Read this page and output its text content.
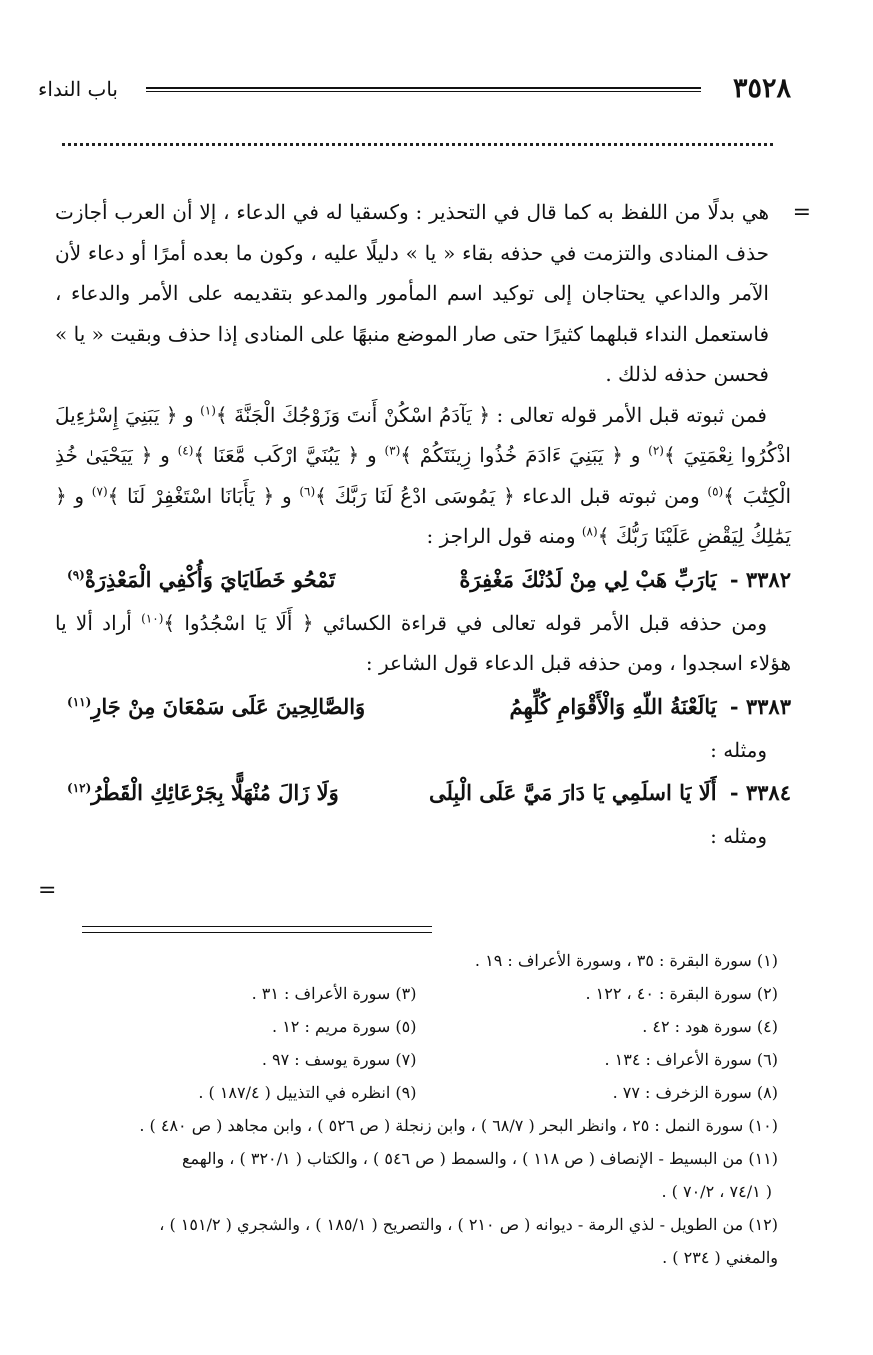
٣٥٢٨
باب النداء
=
=

هي بدلًا من اللفظ به كما قال في التحذير : وكسقيا له في الدعاء ، إلا أن العرب أجازت حذف المنادى والتزمت في حذفه بقاء « يا » دليلًا عليه ، وكون ما بعده أمرًا أو دعاء لأن الآمر والداعي يحتاجان إلى توكيد اسم المأمور والمدعو بتقديمه على الأمر والدعاء ، فاستعمل النداء قبلهما كثيرًا حتى صار الموضع منبهًا على المنادى إذا حذف وبقيت « يا » فحسن حذفه لذلك .

فمن ثبوته قبل الأمر قوله تعالى : ﴿ يَآدَمُ اسْكُنْ أَنتَ وَزَوْجُكَ الْجَنَّةَ ﴾$^{(١)}$ و ﴿ يَبَنِيَ إِسْرَٰءِيلَ اذْكُرُوا نِعْمَتِيَ ﴾$^{(٢)}$ و ﴿ يَبَنِيَ ءَادَمَ خُذُوا زِينَتَكُمْ ﴾$^{(٣)}$ و ﴿ يَبُنَيَّ ارْكَب مَّعَنَا ﴾$^{(٤)}$ و ﴿ يَيَحْيَىٰ خُذِ الْكِتَٰبَ ﴾$^{(٥)}$ ومن ثبوته قبل الدعاء ﴿ يَمُوسَى ادْعُ لَنَا رَبَّكَ ﴾$^{(٦)}$ و ﴿ يَأَبَانَا اسْتَغْفِرْ لَنَا ﴾$^{(٧)}$ و ﴿ يَمَٰلِكُ لِيَقْضِ عَلَيْنَا رَبُّكَ ﴾$^{(٨)}$ ومنه قول الراجز :

٣٣٨٢ - يَارَبِّ هَبْ لِي مِنْ لَدُنْكَ مَغْفِرَةْ
تَمْحُو خَطَايَايَ وَأُكْفِي الْمَعْذِرَةْ$^{(٩)}$

ومن حذفه قبل الأمر قوله تعالى في قراءة الكسائي ﴿ أَلَا يَا اسْجُدُوا ﴾$^{(١٠)}$ أراد ألا يا هؤلاء اسجدوا ، ومن حذفه قبل الدعاء قول الشاعر :

٣٣٨٣ - يَالَعْنَةُ اللّهِ وَالْأَقْوَامِ كُلِّهِمُ
وَالصَّالِحِينَ عَلَى سَمْعَانَ مِنْ جَارِ$^{(١١)}$

ومثله :

٣٣٨٤ - أَلَا يَا اسلَمِي يَا دَارَ مَيَّ عَلَى الْبِلَى
وَلَا زَالَ مُنْهَلًّا بِجَرْعَائِكِ الْقَطْرُ$^{(١٢)}$

ومثله :

(١) سورة البقرة : ٣٥ ، وسورة الأعراف : ١٩ .
(٢) سورة البقرة : ٤٠ ، ١٢٢ .
(٣) سورة الأعراف : ٣١ .
(٤) سورة هود : ٤٢ .
(٥) سورة مريم : ١٢ .
(٦) سورة الأعراف : ١٣٤ .
(٧) سورة يوسف : ٩٧ .
(٨) سورة الزخرف : ٧٧ .
(٩) انظره في التذييل ( ١٨٧/٤ ) .
(١٠) سورة النمل : ٢٥ ، وانظر البحر ( ٦٨/٧ ) ، وابن زنجلة ( ص ٥٢٦ ) ، وابن مجاهد ( ص ٤٨٠ ) .
(١١) من البسيط - الإنصاف ( ص ١١٨ ) ، والسمط ( ص ٥٤٦ ) ، والكتاب ( ٣٢٠/١ ) ، والهمع
( ٧٤/١ ، ٧٠/٢ ) .
(١٢) من الطويل - لذي الرمة - ديوانه ( ص ٢١٠ ) ، والتصريح ( ١٨٥/١ ) ، والشجري ( ١٥١/٢ ) ،
والمغني ( ٢٣٤ ) .
